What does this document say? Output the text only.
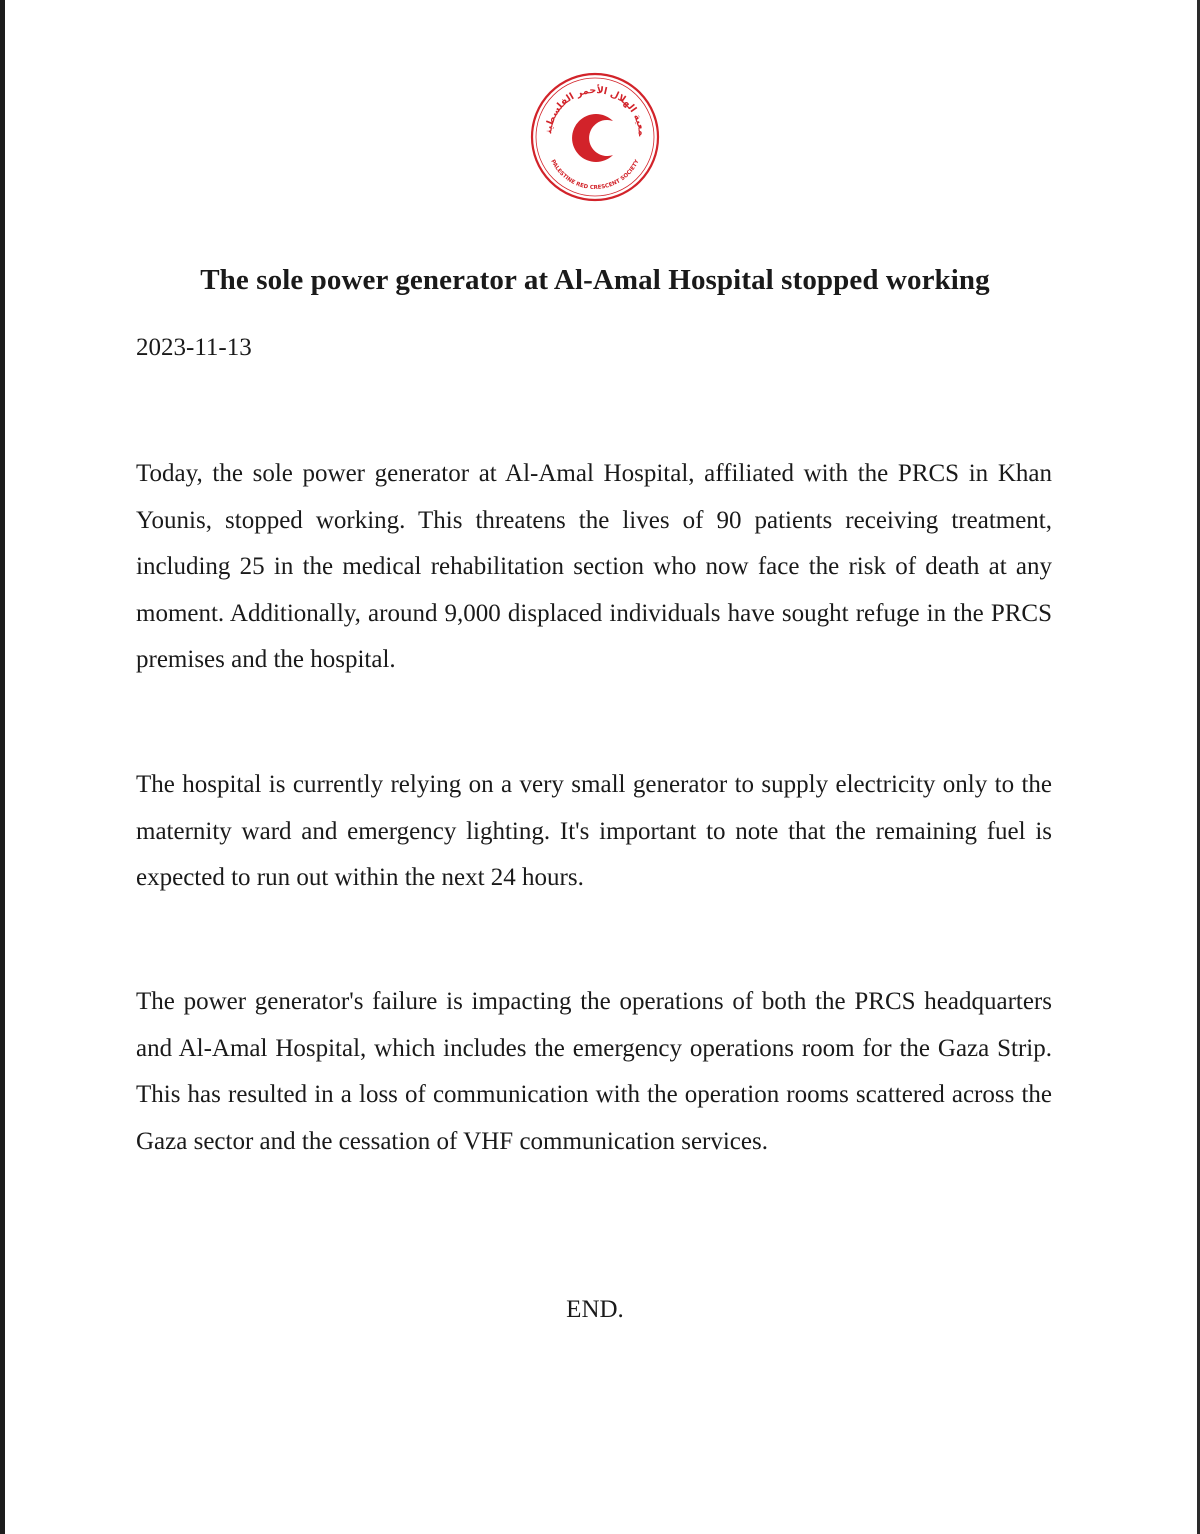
معية الهلال الأحمر الفلسطين
PALESTINE RED CRESCENT SOCIETY
The sole power generator at Al-Amal Hospital stopped working

2023-11-13

Today, the sole power generator at Al-Amal Hospital, affiliated with the PRCS in Khan Younis, stopped working. This threatens the lives of 90 patients receiving treatment, including 25 in the medical rehabilitation section who now face the risk of death at any moment. Additionally, around 9,000 displaced individuals have sought refuge in the PRCS premises and the hospital.

The hospital is currently relying on a very small generator to supply electricity only to the maternity ward and emergency lighting. It's important to note that the remaining fuel is expected to run out within the next 24 hours.

The power generator's failure is impacting the operations of both the PRCS headquarters and Al-Amal Hospital, which includes the emergency operations room for the Gaza Strip. This has resulted in a loss of communication with the operation rooms scattered across the Gaza sector and the cessation of VHF communication services.

END.
